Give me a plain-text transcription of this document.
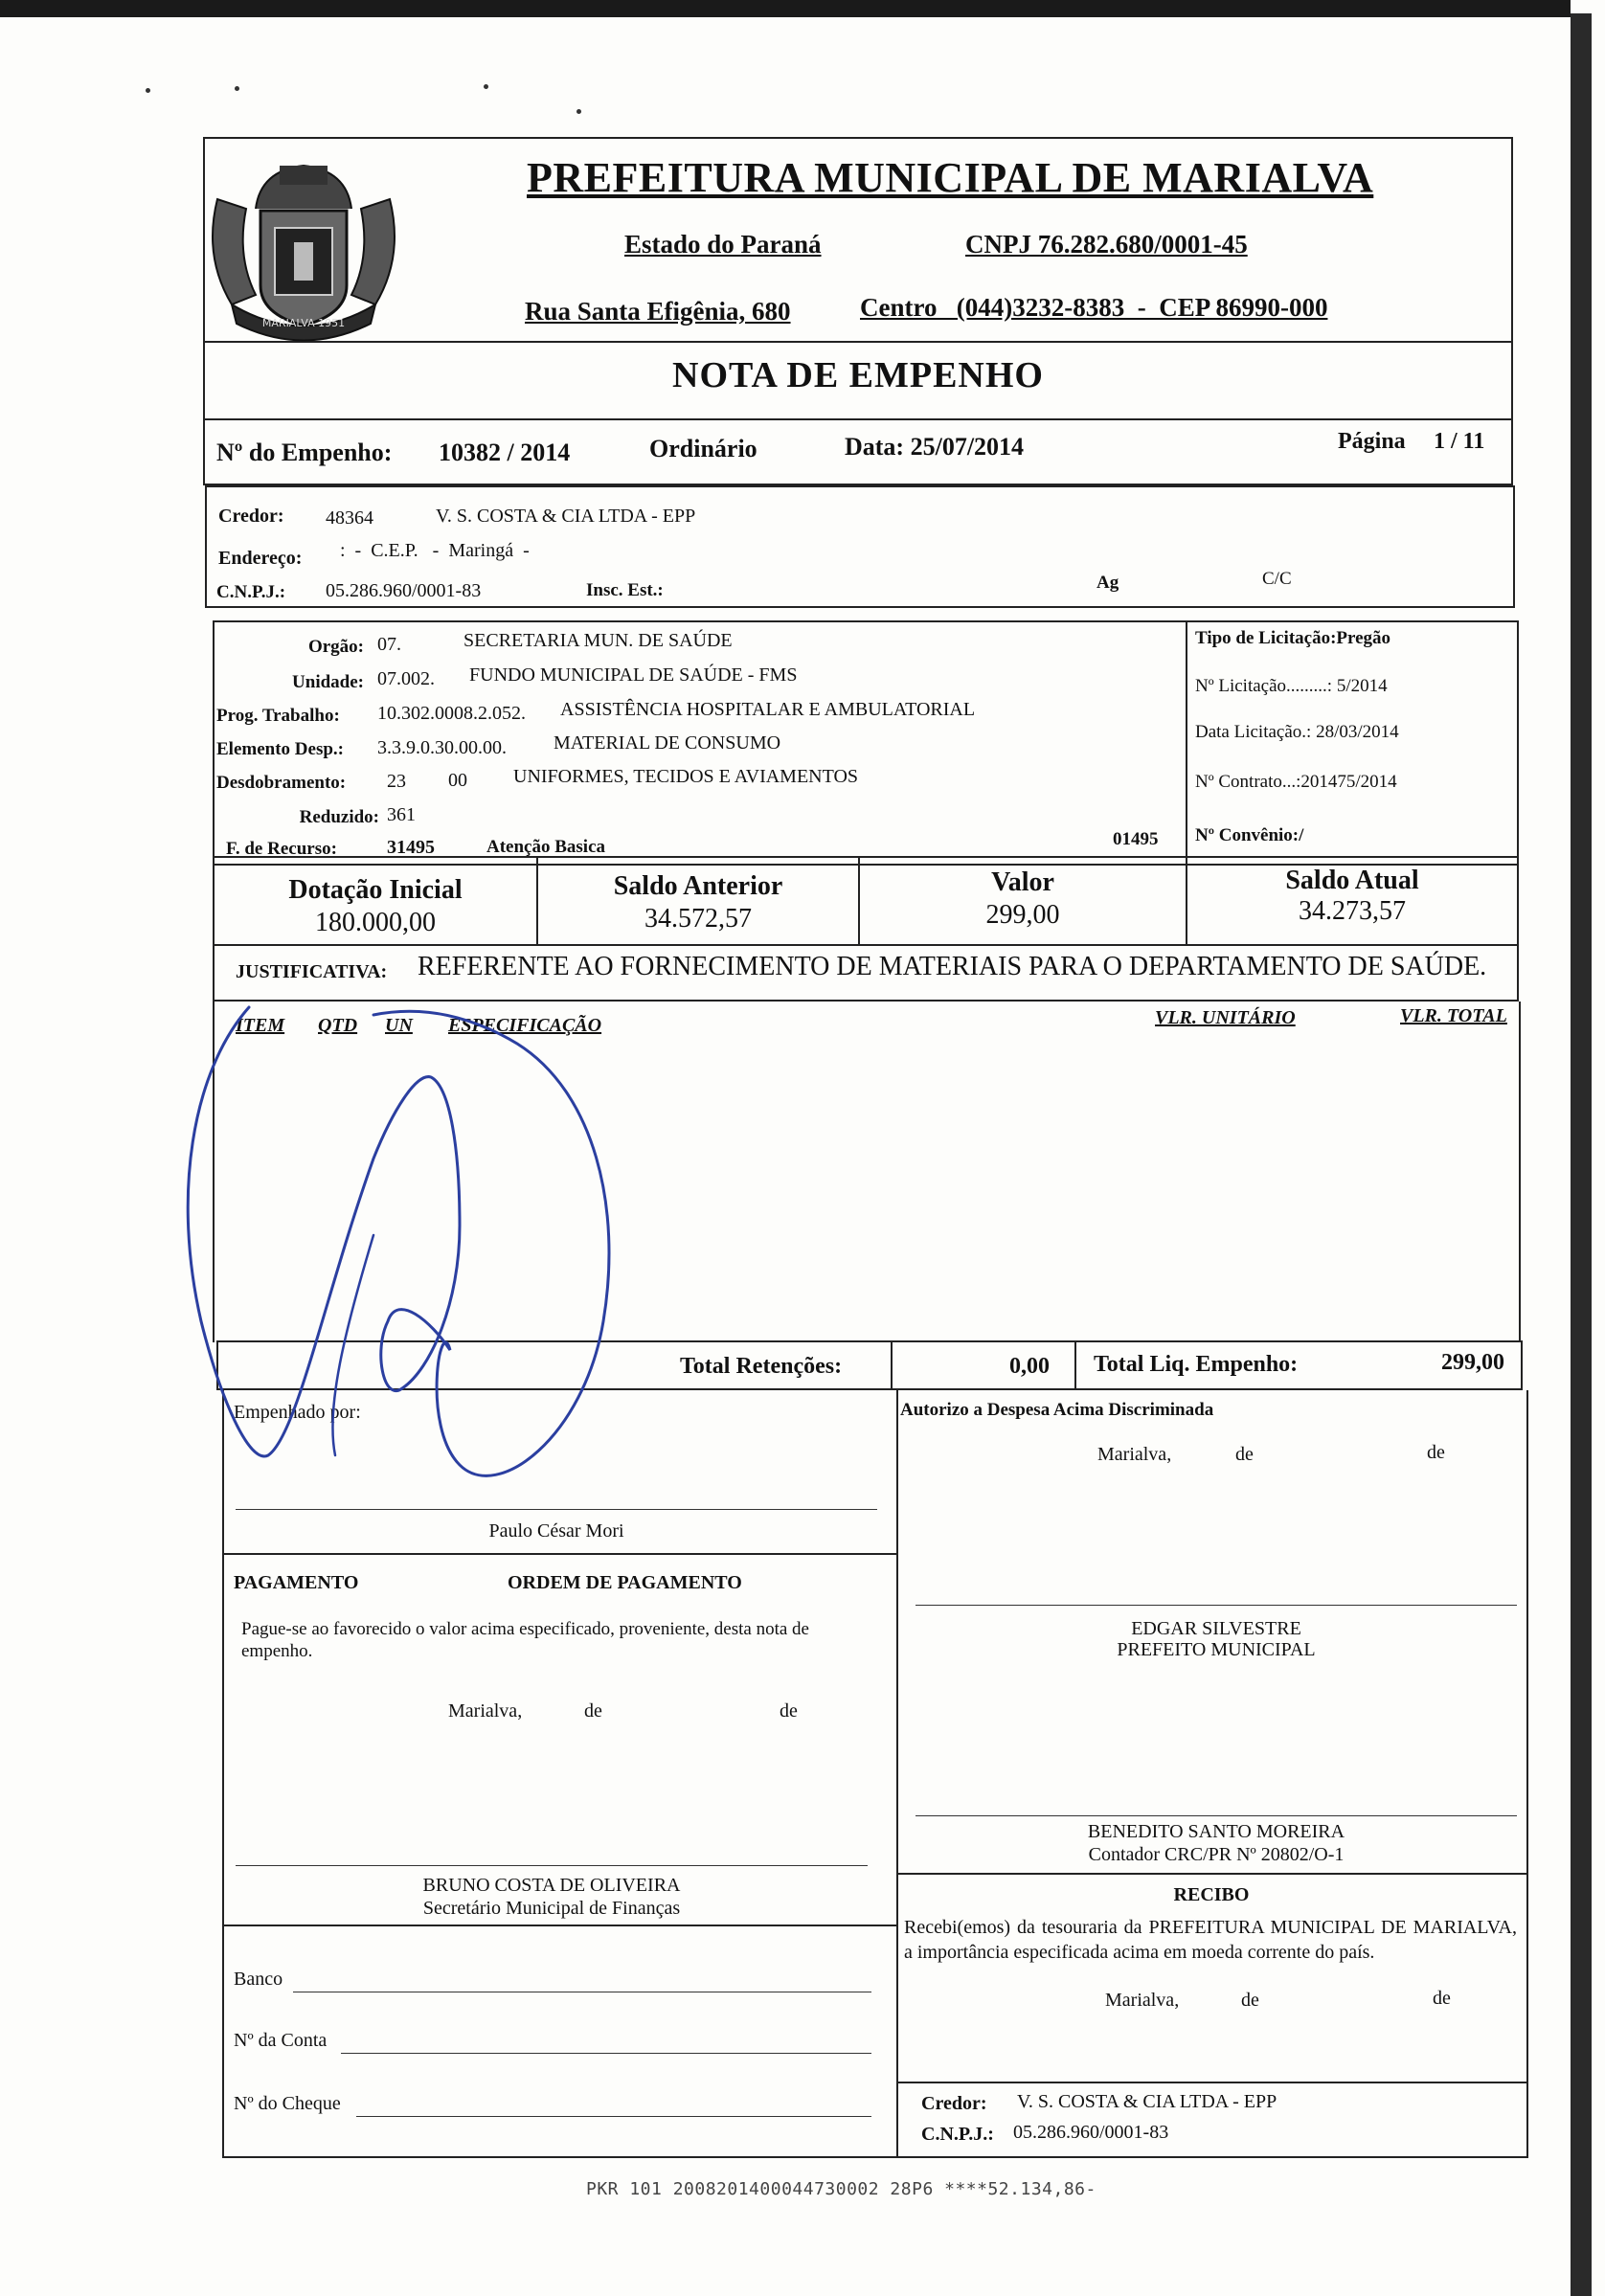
MARIALVA 1951
PREFEITURA MUNICIPAL DE MARIALVA
Estado do Paraná	CNPJ 76.282.680/0001-45
Rua Santa Efigênia, 680	Centro   (044)3232-8383  -  CEP 86990-000
NOTA DE EMPENHO
Nº do Empenho: 10382 / 2014	Ordinário	Data: 25/07/2014	Página 1 / 11
Credor: 48364	V. S. COSTA & CIA LTDA - EPP
Endereço: :  -  C.E.P.   -  Maringá  -
C.N.P.J.: 05.286.960/0001-83	Insc. Est.:	Ag	C/C
Orgão: 07.	SECRETARIA MUN. DE SAÚDE
Unidade: 07.002. FUNDO MUNICIPAL DE SAÚDE - FMS
Prog. Trabalho: 10.302.0008.2.052. ASSISTÊNCIA HOSPITALAR E AMBULATORIAL
Elemento Desp.: 3.3.9.0.30.00.00. MATERIAL DE CONSUMO
Desdobramento: 23 00 UNIFORMES, TECIDOS E AVIAMENTOS
Reduzido: 361
F. de Recurso:	31495	Atenção Basica	01495
Tipo de Licitação:Pregão
Nº Licitação.........: 5/2014
Data Licitação.: 28/03/2014
Nº Contrato...:201475/2014
Nº Convênio:/
Dotação Inicial
180.000,00
Saldo Anterior
34.572,57
Valor
299,00
Saldo Atual
34.273,57
JUSTIFICATIVA: REFERENTE AO FORNECIMENTO DE MATERIAIS PARA O DEPARTAMENTO DE SAÚDE.
ITEM QTD UN ESPECIFICAÇÃO	VLR. UNITÁRIO	VLR. TOTAL
Total Retenções:	0,00 Total Liq. Empenho:	299,00
Empenhado por:
Paulo César Mori
Autorizo a Despesa Acima Discriminada
Marialva,	de	de
EDGAR SILVESTRE
PREFEITO MUNICIPAL
PAGAMENTO	ORDEM DE PAGAMENTO
Pague-se ao favorecido o valor acima especificado, proveniente, desta nota de empenho.
Marialva,	de	de
BRUNO COSTA DE OLIVEIRA
Secretário Municipal de Finanças
BENEDITO SANTO MOREIRA
Contador CRC/PR Nº 20802/O-1
RECIBO
Recebi(emos) da tesouraria da PREFEITURA MUNICIPAL DE MARIALVA, a importância especificada acima em moeda corrente do país.
Marialva,	de	de
Banco
Nº da Conta
Nº do Cheque	Credor: V. S. COSTA & CIA LTDA - EPP
C.N.P.J.: 05.286.960/0001-83
PKR 101 2008201400044730002 28P6 ****52.134,86-
